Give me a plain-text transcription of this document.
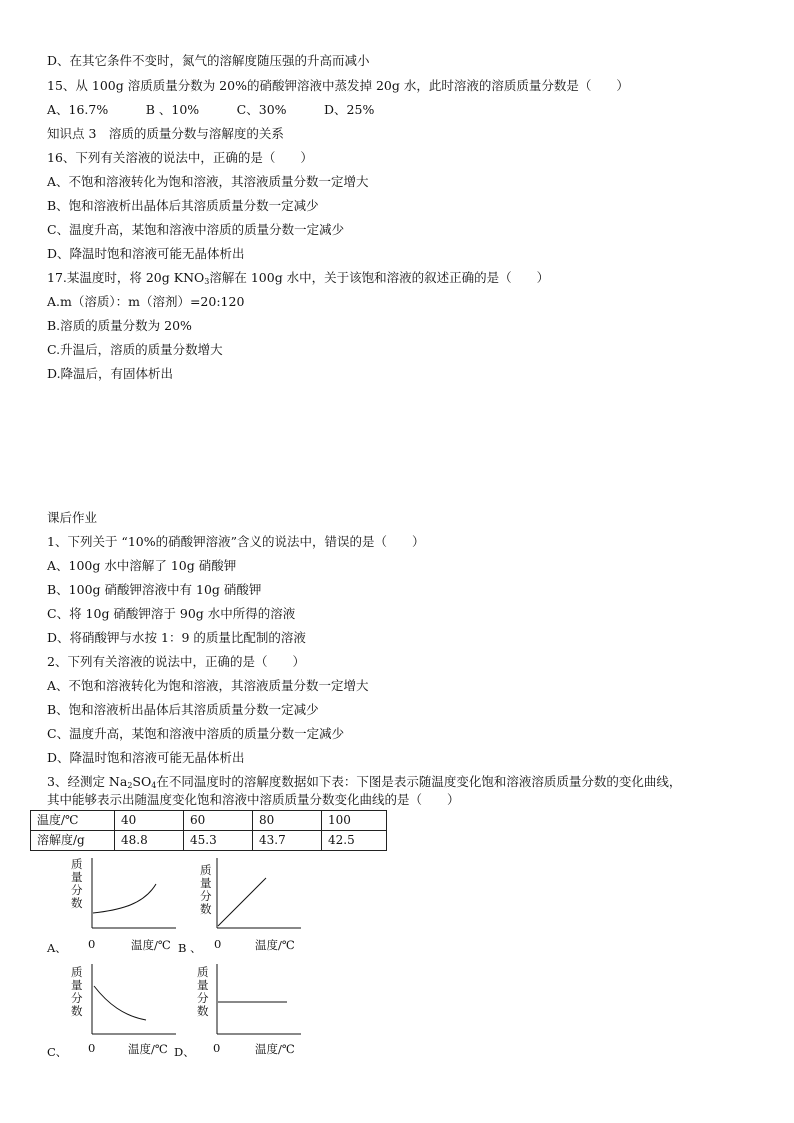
D、在其它条件不变时，氮气的溶解度随压强的升高而减小
15、从 100g 溶质质量分数为 20%的硝酸钾溶液中蒸发掉 20g 水，此时溶液的溶质质量分数是（　　）
A、16.7%　　　B 、10%　　　C、30%　　　D、25%
知识点 3　溶质的质量分数与溶解度的关系
16、下列有关溶液的说法中，正确的是（　　）
A、不饱和溶液转化为饱和溶液，其溶液质量分数一定增大
B、饱和溶液析出晶体后其溶质质量分数一定减少
C、温度升高，某饱和溶液中溶质的质量分数一定减少
D、降温时饱和溶液可能无晶体析出
17.某温度时，将 20g $KNO_3$溶解在 100g 水中，关于该饱和溶液的叙述正确的是（　　）
A.m（溶质）：m（溶剂）=20:120
B.溶质的质量分数为 20%
C.升温后，溶质的质量分数增大
D.降温后，有固体析出
课后作业
1、下列关于 “10%的硝酸钾溶液”含义的说法中，错误的是（　　）
A、100g 水中溶解了 10g 硝酸钾
B、100g 硝酸钾溶液中有 10g 硝酸钾
C、将 10g 硝酸钾溶于 90g 水中所得的溶液
D、将硝酸钾与水按 1：9 的质量比配制的溶液
2、下列有关溶液的说法中，正确的是（　　）
A、不饱和溶液转化为饱和溶液，其溶液质量分数一定增大
B、饱和溶液析出晶体后其溶质质量分数一定减少
C、温度升高，某饱和溶液中溶质的质量分数一定减少
D、降温时饱和溶液可能无晶体析出
3、经测定 $Na_2SO_4$在不同温度时的溶解度数据如下表：下图是表示随温度变化饱和溶液溶质质量分数的变化曲线，
其中能够表示出随温度变化饱和溶液中溶质质量分数变化曲线的是（　　）
温度/℃	40	60	80	100
溶解度/g	48.8	45.3	43.7	42.5
质量分数
A、 0	温度/℃
质量分数
B 、 0	温度/℃
质量分数
C、 0	温度/℃
质量分数
D、 0	温度/℃
